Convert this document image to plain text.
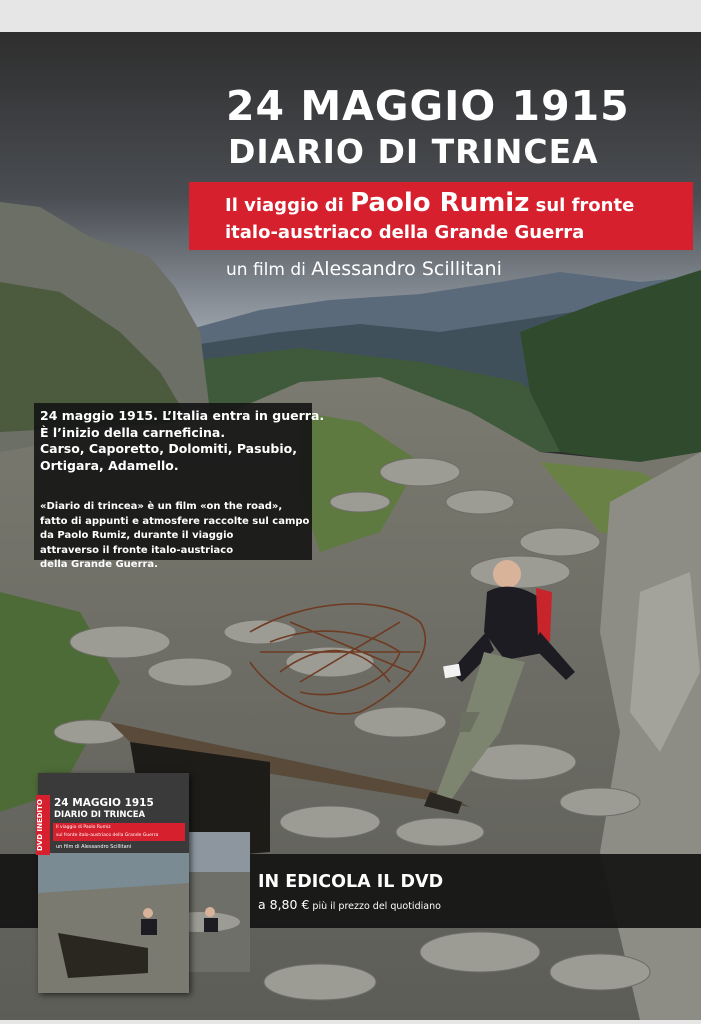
24 MAGGIO 1915
DIARIO DI TRINCEA
Il viaggio di Paolo Rumiz sul fronte
italo-austriaco della Grande Guerra
un film di Alessandro Scillitani

24 maggio 1915. L’Italia entra in guerra.

È l’inizio della carneficina.

Carso, Caporetto, Dolomiti, Pasubio,

Ortigara, Adamello.

«Diario di trincea» è un film «on the road»,

fatto di appunti e atmosfere raccolte sul campo

da Paolo Rumiz, durante il viaggio

attraverso il fronte italo-austriaco

della Grande Guerra.

IN EDICOLA IL DVD
a 8,80 € più il prezzo del quotidiano
DVD INEDITO 24 MAGGIO 1915
DIARIO DI TRINCEA
Il viaggio di Paolo Rumiz
sul fronte italo-austriaco della Grande Guerra
un film di Alessandro Scillitani
